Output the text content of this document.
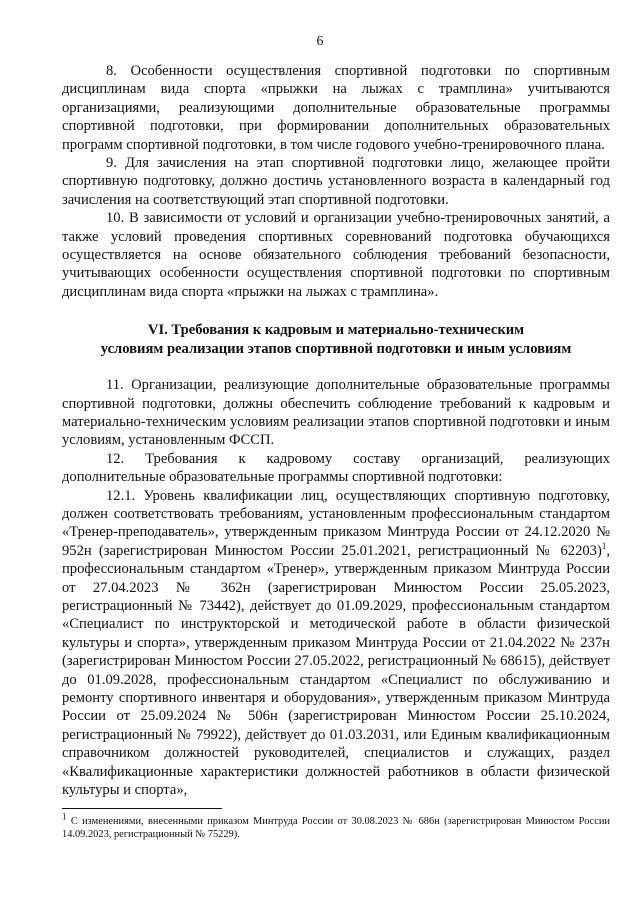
6

8. Особенности осуществления спортивной подготовки по спортивным дисциплинам вида спорта «прыжки на лыжах с трамплина» учитываются организациями, реализующими дополнительные образовательные программы спортивной подготовки, при формировании дополнительных образовательных программ спортивной подготовки, в том числе годового учебно-тренировочного плана.

9. Для зачисления на этап спортивной подготовки лицо, желающее пройти спортивную подготовку, должно достичь установленного возраста в календарный год зачисления на соответствующий этап спортивной подготовки.

10. В зависимости от условий и организации учебно-тренировочных занятий, а также условий проведения спортивных соревнований подготовка обучающихся осуществляется на основе обязательного соблюдения требований безопасности, учитывающих особенности осуществления спортивной подготовки по спортивным дисциплинам вида спорта «прыжки на лыжах с трамплина».

VI. Требования к кадровым и материально-техническим
условиям реализации этапов спортивной подготовки и иным условиям

11. Организации, реализующие дополнительные образовательные программы спортивной подготовки, должны обеспечить соблюдение требований к кадровым и материально-техническим условиям реализации этапов спортивной подготовки и иным условиям, установленным ФССП.

12. Требования к кадровому составу организаций, реализующих дополнительные образовательные программы спортивной подготовки:

12.1. Уровень квалификации лиц, осуществляющих спортивную подготовку, должен соответствовать требованиям, установленным профессиональным стандартом «Тренер-преподаватель», утвержденным приказом Минтруда России от 24.12.2020 № 952н (зарегистрирован Минюстом России 25.01.2021, регистрационный № 62203)$^1$, профессиональным стандартом «Тренер», утвержденным приказом Минтруда России от 27.04.2023 № 362н (зарегистрирован Минюстом России 25.05.2023, регистрационный № 73442), действует до 01.09.2029, профессиональным стандартом «Специалист по инструкторской и методической работе в области физической культуры и спорта», утвержденным приказом Минтруда России от 21.04.2022 № 237н (зарегистрирован Минюстом России 27.05.2022, регистрационный № 68615), действует до 01.09.2028, профессиональным стандартом «Специалист по обслуживанию и ремонту спортивного инвентаря и оборудования», утвержденным приказом Минтруда России от 25.09.2024 № 506н (зарегистрирован Минюстом России 25.10.2024, регистрационный № 79922), действует до 01.03.2031, или Единым квалификационным справочником должностей руководителей, специалистов и служащих, раздел «Квалификационные характеристики должностей работников в области физической культуры и спорта»,

$^1$ С изменениями, внесенными приказом Минтруда России от 30.08.2023 № 686н (зарегистрирован Минюстом России 14.09.2023, регистрационный № 75229).
